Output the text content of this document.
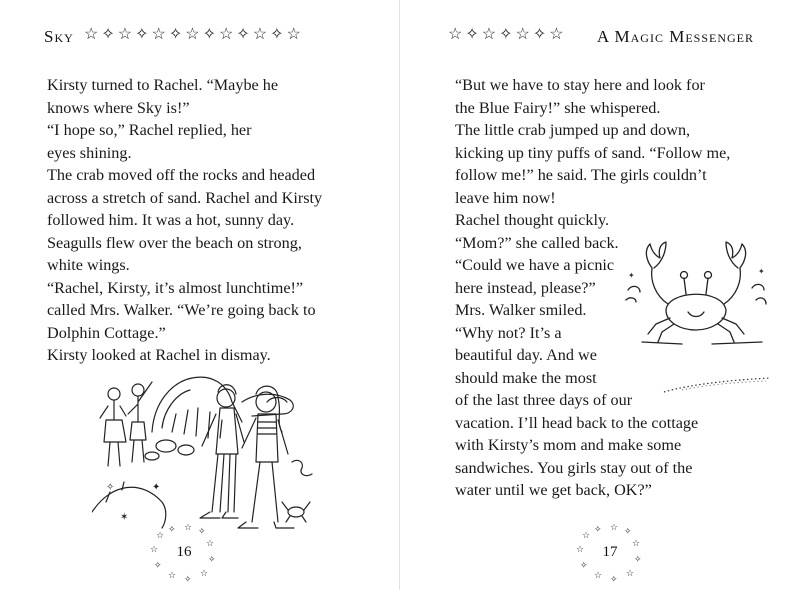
Sky ☆✧☆✧☆✧☆✧☆✧☆✧☆
Kirsty turned to Rachel. “Maybe he
knows where Sky is!”
“I hope so,” Rachel replied, her
eyes shining.
The crab moved off the rocks and headed
across a stretch of sand. Rachel and Kirsty
followed him. It was a hot, sunny day.
Seagulls flew over the beach on strong,
white wings.
“Rachel, Kirsty, it’s almost lunchtime!”
called Mrs. Walker. “We’re going back to
Dolphin Cottage.”
Kirsty looked at Rachel in dismay.
✧
✶
✦
☆
✧ ☆ ✧
☆
✧
☆
✧
☆
✧
☆	16
☆✧☆✧☆✧☆ A Magic Messenger
“But we have to stay here and look for
the Blue Fairy!” she whispered.
The little crab jumped up and down,
kicking up tiny puffs of sand. “Follow me,
follow me!” he said. The girls couldn’t
leave him now!
Rachel thought quickly.
“Mom?” she called back.
“Could we have a picnic
here instead, please?”
Mrs. Walker smiled.
“Why not? It’s a
beautiful day. And we
should make the most
of the last three days of our
vacation. I’ll head back to the cottage
with Kirsty’s mom and make some
sandwiches. You girls stay out of the
water until we get back, OK?”
✦	✦
☆
✧ ☆ ✧
☆
✧
☆
✧
☆
✧
☆	17
